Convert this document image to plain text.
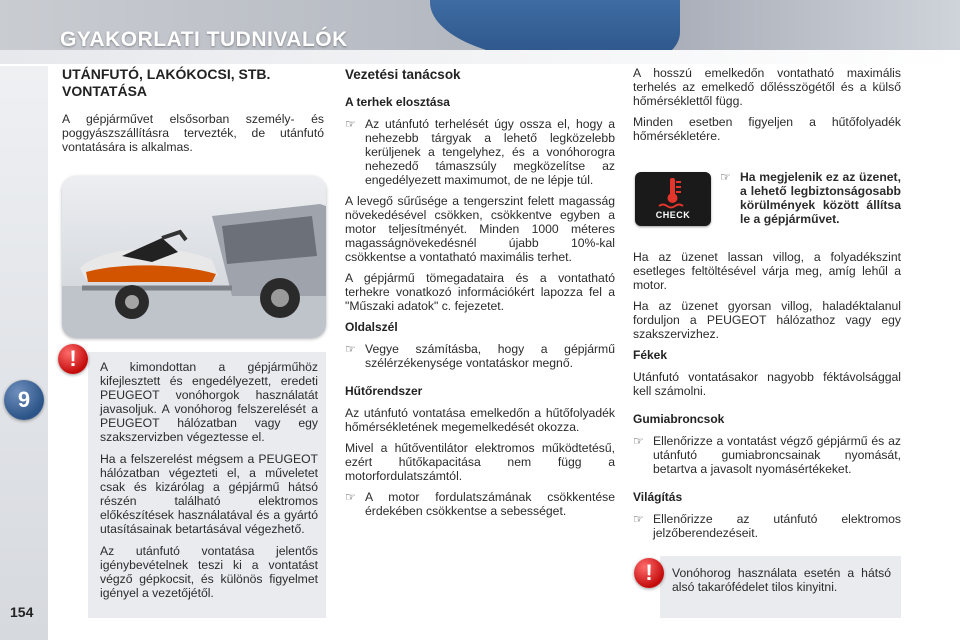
GYAKORLATI TUDNIVALÓK
9
154
UTÁNFUTÓ, LAKÓKOCSI, STB. VONTATÁSA

A gépjárművet elsősorban személy- és poggyászszállításra tervezték, de utánfutó vontatására is alkalmas.

A kimondottan a gépjárműhöz kifejlesztett és engedélyezett, eredeti PEUGEOT vonóhorgok használatát javasoljuk. A vonóhorog felszerelését a PEUGEOT hálózatban vagy egy szakszervizben végeztesse el.

Ha a felszerelést mégsem a PEUGEOT hálózatban végezteti el, a műveletet csak és kizárólag a gépjármű hátsó részén található elektromos előkészítések használatával és a gyártó utasításainak betartásával végezhető.

Az utánfutó vontatása jelentős igénybevételnek teszi ki a vontatást végző gépkocsit, és különös figyelmet igényel a vezetőjétől.

!
Vezetési tanácsok
A terhek elosztása
☞ Az utánfutó terhelését úgy ossza el, hogy a nehezebb tárgyak a lehető legközelebb kerüljenek a tengelyhez, és a vonóhorogra nehezedő támaszsúly megközelítse az engedélyezett maximumot, de ne lépje túl.

A levegő sűrűsége a tengerszint felett magasság növekedésével csökken, csökkentve egyben a motor teljesítményét. Minden 1000 méteres magasságnövekedésnél újabb 10%-kal csökkentse a vontatható maximális terhet.

A gépjármű tömegadataira és a vontatható terhekre vonatkozó információkért lapozza fel a "Műszaki adatok" c. fejezetet.

Oldalszél
☞ Vegye számításba, hogy a gépjármű szélérzékenysége vontatáskor megnő.
Hűtőrendszer

Az utánfutó vontatása emelkedőn a hűtőfolyadék hőmérsékletének megemelkedését okozza.

Mivel a hűtőventilátor elektromos működtetésű, ezért hűtőkapacitása nem függ a motorfordulatszámtól.

☞ A motor fordulatszámának csökkentése érdekében csökkentse a sebességet.

A hosszú emelkedőn vontatható maximális terhelés az emelkedő dőlésszögétől és a külső hőmérséklettől függ.

Minden esetben figyeljen a hűtőfolyadék hőmérsékletére.

CHECK
☞ Ha megjelenik ez az üzenet, a lehető legbiztonságosabb körülmények között állítsa le a gépjárművet.

Ha az üzenet lassan villog, a folyadékszint esetleges feltöltésével várja meg, amíg lehűl a motor.

Ha az üzenet gyorsan villog, haladéktalanul forduljon a PEUGEOT hálózathoz vagy egy szakszervizhez.

Fékek

Utánfutó vontatásakor nagyobb féktávolsággal kell számolni.

Gumiabroncsok
☞ Ellenőrizze a vontatást végző gépjármű és az utánfutó gumiabroncsainak nyomását, betartva a javasolt nyomásértékeket.
Világítás
☞ Ellenőrizze az utánfutó elektromos jelzőberendezéseit.

Vonóhorog használata esetén a hátsó alsó takarófédelet tilos kinyitni.

!
